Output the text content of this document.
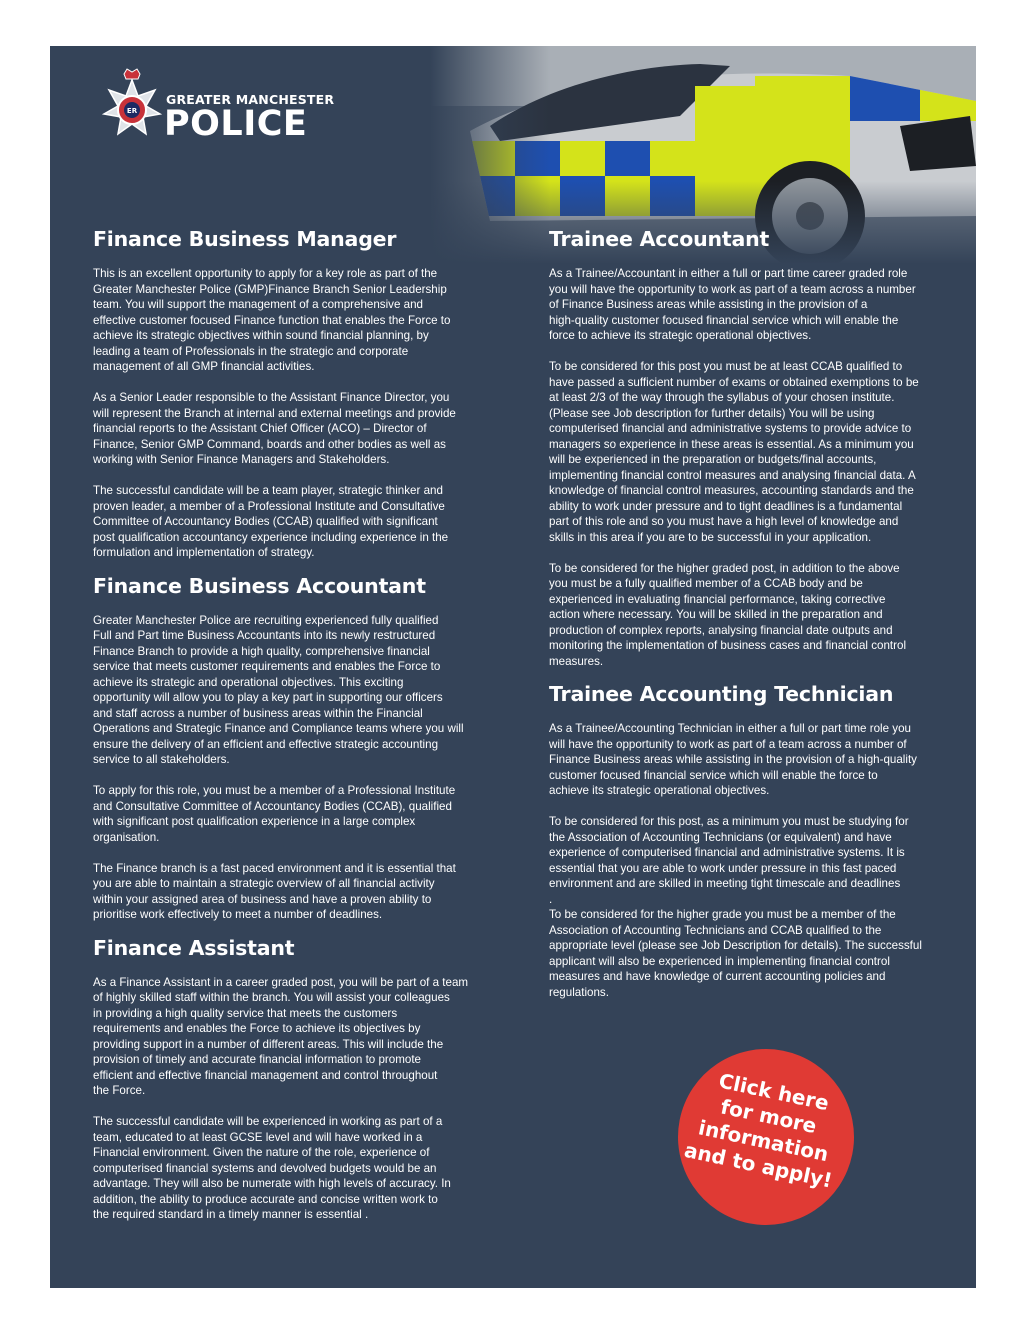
ER
GREATER MANCHESTER
POLICE
Finance Business Manager

This is an excellent opportunity to apply for a key role as part of the
Greater Manchester Police (GMP)Finance Branch Senior Leadership
team. You will support the management of a comprehensive and
effective customer focused Finance function that enables the Force to
achieve its strategic objectives within sound financial planning, by
leading a team of Professionals in the strategic and corporate
management of all GMP financial activities.

As a Senior Leader responsible to the Assistant Finance Director, you
will represent the Branch at internal and external meetings and provide
financial reports to the Assistant Chief Officer (ACO) – Director of
Finance, Senior GMP Command, boards and other bodies as well as
working with Senior Finance Managers and Stakeholders.

The successful candidate will be a team player, strategic thinker and
proven leader, a member of a Professional Institute and Consultative
Committee of Accountancy Bodies (CCAB) qualified with significant
post qualification accountancy experience including experience in the
formulation and implementation of strategy.

Finance Business Accountant

Greater Manchester Police are recruiting experienced fully qualified
Full and Part time Business Accountants into its newly restructured
Finance Branch to provide a high quality, comprehensive financial
service that meets customer requirements and enables the Force to
achieve its strategic and operational objectives. This exciting
opportunity will allow you to play a key part in supporting our officers
and staff across a number of business areas within the Financial
Operations and Strategic Finance and Compliance teams where you will
ensure the delivery of an efficient and effective strategic accounting
service to all stakeholders.

To apply for this role, you must be a member of a Professional Institute
and Consultative Committee of Accountancy Bodies (CCAB), qualified
with significant post qualification experience in a large complex
organisation.

The Finance branch is a fast paced environment and it is essential that
you are able to maintain a strategic overview of all financial activity
within your assigned area of business and have a proven ability to
prioritise work effectively to meet a number of deadlines.

Finance Assistant

As a Finance Assistant in a career graded post, you will be part of a team
of highly skilled staff within the branch. You will assist your colleagues
in providing a high quality service that meets the customers
requirements and enables the Force to achieve its objectives by
providing support in a number of different areas. This will include the
provision of timely and accurate financial information to promote
efficient and effective financial management and control throughout
the Force.

The successful candidate will be experienced in working as part of a
team, educated to at least GCSE level and will have worked in a
Financial environment. Given the nature of the role, experience of
computerised financial systems and devolved budgets would be an
advantage. They will also be numerate with high levels of accuracy. In
addition, the ability to produce accurate and concise written work to
the required standard in a timely manner is essential .

Trainee Accountant

As a Trainee/Accountant in either a full or part time career graded role
you will have the opportunity to work as part of a team across a number
of Finance Business areas while assisting in the provision of a
high-quality customer focused financial service which will enable the
force to achieve its strategic operational objectives.

To be considered for this post you must be at least CCAB qualified to
have passed a sufficient number of exams or obtained exemptions to be
at least 2/3 of the way through the syllabus of your chosen institute.
(Please see Job description for further details) You will be using
computerised financial and administrative systems to provide advice to
managers so experience in these areas is essential. As a minimum you
will be experienced in the preparation or budgets/final accounts,
implementing financial control measures and analysing financial data. A
knowledge of financial control measures, accounting standards and the
ability to work under pressure and to tight deadlines is a fundamental
part of this role and so you must have a high level of knowledge and
skills in this area if you are to be successful in your application.

To be considered for the higher graded post, in addition to the above
you must be a fully qualified member of a CCAB body and be
experienced in evaluating financial performance, taking corrective
action where necessary. You will be skilled in the preparation and
production of complex reports, analysing financial date outputs and
monitoring the implementation of business cases and financial control
measures.

Trainee Accounting Technician

As a Trainee/Accounting Technician in either a full or part time role you
will have the opportunity to work as part of a team across a number of
Finance Business areas while assisting in the provision of a high-quality
customer focused financial service which will enable the force to
achieve its strategic operational objectives.

To be considered for this post, as a minimum you must be studying for
the Association of Accounting Technicians (or equivalent) and have
experience of computerised financial and administrative systems. It is
essential that you are able to work under pressure in this fast paced
environment and are skilled in meeting tight timescale and deadlines
.

To be considered for the higher grade you must be a member of the
Association of Accounting Technicians and CCAB qualified to the
appropriate level (please see Job Description for details). The successful
applicant will also be experienced in implementing financial control
measures and have knowledge of current accounting policies and
regulations.

Click here
for more
information
and to apply!
